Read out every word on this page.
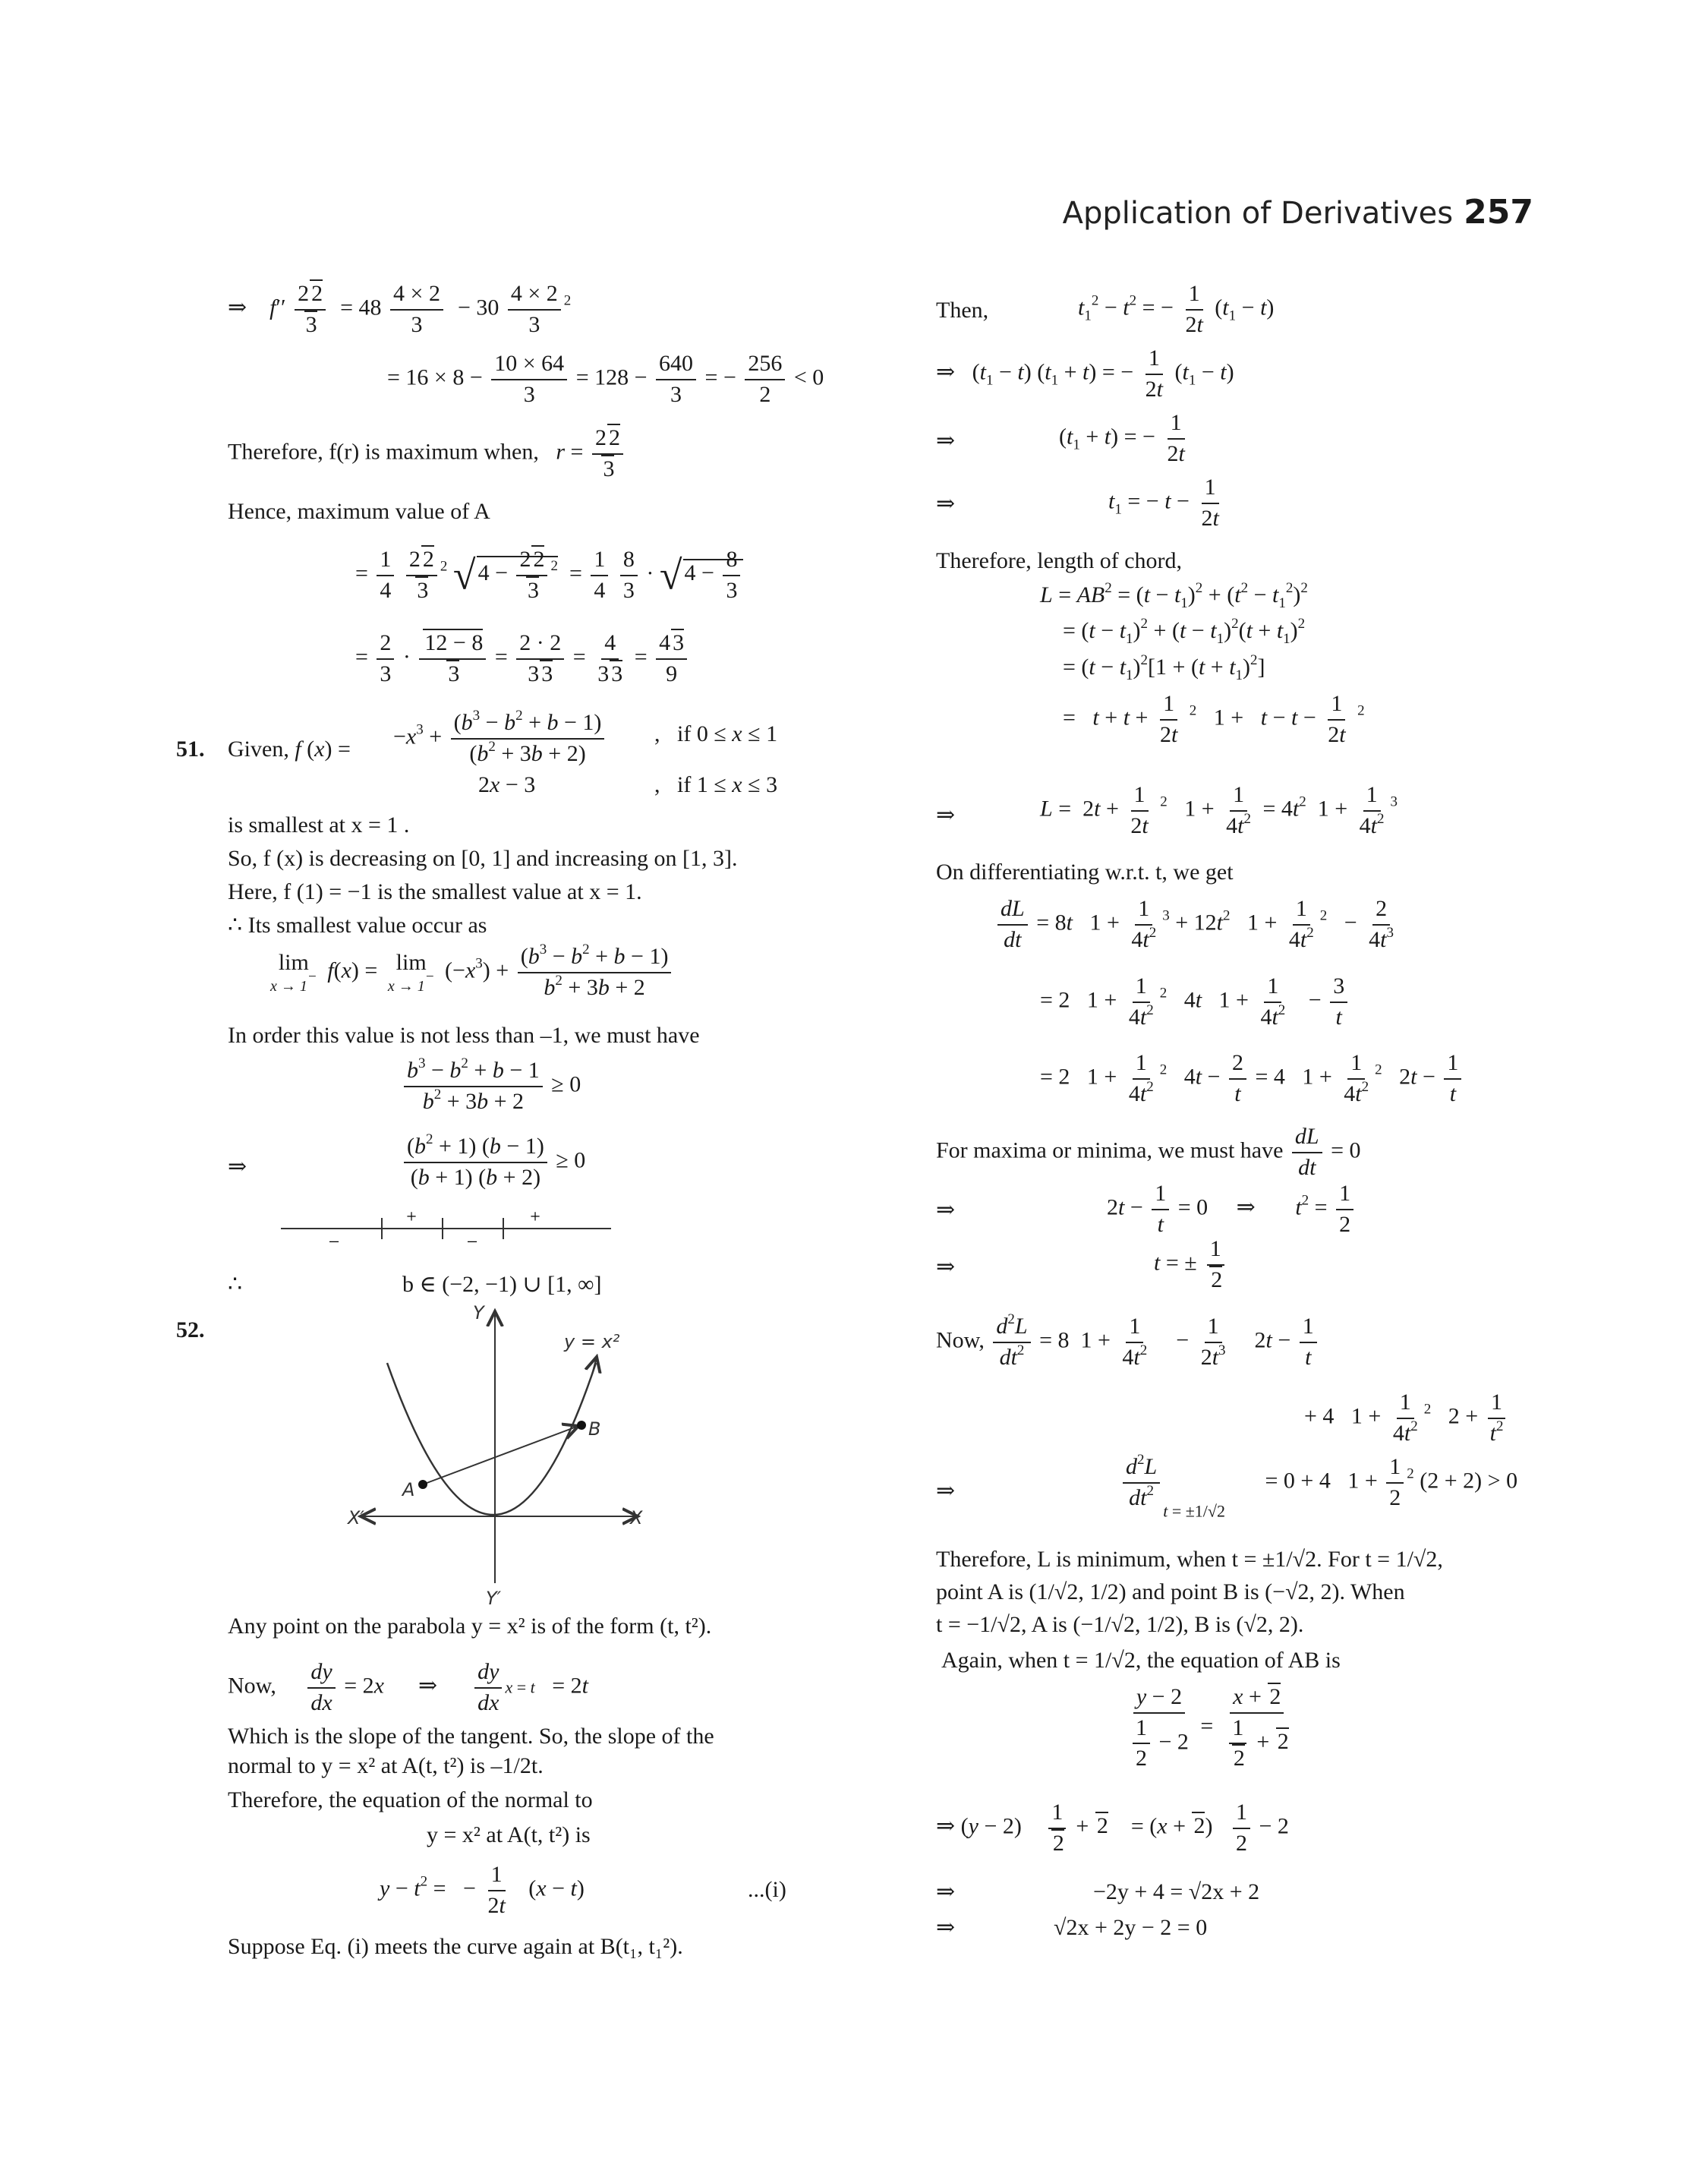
Application of Derivatives 257
⇒    $f'' \frac{2 2}{3} = 48 \frac{4 \times 2}{3} - 30 \frac{4 \times 2}{3} ^2$
= $16 \times 8 - \frac{10 \times 64}{3} = 128 - \frac{640}{3}$ = − $\frac{256}{2} < 0$
Therefore, f(r) is maximum when, $r = \frac{2 2}{3}$
Hence, maximum value of A
= $\frac{1}{4}$
$\frac{2 2}{3} ^2$ √ $4 - \frac{2 2}{3} ^2 = \frac{1}{4}$
$\frac{8}{3}$ · √ $4 - \frac{8}{3}$
= $\frac{2}{3} \cdot \frac{12 - 8}{3} = \frac{2 \cdot 2}{3 3} = \frac{4}{3 3} = \frac{4 3}{9}$
51. Given, f (x) =
$-x^3 + \frac{(b^3 - b^2 + b - 1)}{(b^2 + 3b + 2)}$ ,   if 0 ≤ x ≤ 1
2x − 3	,   if 1 ≤ x ≤ 3
is smallest at x = 1 .
So, f (x) is decreasing on [0, 1] and increasing on [1, 3].
Here, f (1) = −1 is the smallest value at x = 1.
∴ Its smallest value occur as
lim
x → 1− f(x) = lim
x → 1− $(-x^3) + \frac{(b^3 - b^2 + b - 1)}{b^2 + 3b + 2}$
In order this value is not less than –1, we must have
$\frac{b^3 - b^2 + b - 1}{b^2 + 3b + 2} \ge 0$
⇒	$\frac{(b^2 + 1) (b - 1)}{(b + 1) (b + 2)} \ge 0$
−
+
−
+
∴	b ∈ (−2, −1) ∪ [1, ∞]
52.
A
B
y = x²
X′	X
Y
Y′
Any point on the parabola y = x² is of the form (t, t²).
Now, $\frac{dy}{dx} = 2x$      ⇒ $\frac{dy}{dx}$ x = t   = 2t
Which is the slope of the tangent. So, the slope of the
normal to y = x² at A(t, t²) is –1/2t.
Therefore, the equation of the normal to
y = x² at A(t, t²) is
$y - t^2$ =   − $\frac{1}{2t} (x - t)$	...(i)
Suppose Eq. (i) meets the curve again at B(t₁, t₁²).
Then,	$t_1^2 - t^2$ = − $\frac{1}{2t} (t_1 - t)$
⇒   $(t_1 - t) (t_1 + t)$ = − $\frac{1}{2t} (t_1 - t)$
⇒	$(t_1 + t)$ = − $\frac{1}{2t}$
⇒	$t_1$ = − $t - \frac{1}{2t}$
Therefore, length of chord,
$L = AB^2 = (t - t_1)^2 + (t^2 - t_1^2)^2$
= $(t - t_1)^2 + (t - t_1)^2(t + t_1)^2$
= $(t - t_1)^2[1 + (t + t_1)^2]$
=   $t + t + \frac{1}{2t} ^2$   $1 + t - t - \frac{1}{2t} ^2$
⇒	$L = 2t + \frac{1}{2t} ^2$   $1 + \frac{1}{4t^2} = 4t^2$  $1 + \frac{1}{4t^2} ^3$
On differentiating w.r.t. t, we get
$\frac{dL}{dt} = 8t$   $1 + \frac{1}{4t^2} ^3 + 12t^2$   $1 + \frac{1}{4t^2} ^2 - \frac{2}{4t^3}$
= 2   $1 + \frac{1}{4t^2} ^2$   4t   $1 + \frac{1}{4t^2} - \frac{3}{t}$
= 2   $1 + \frac{1}{4t^2} ^2$   $4t - \frac{2}{t} = 4$   $1 + \frac{1}{4t^2} ^2$   $2t - \frac{1}{t}$
For maxima or minima, we must have $\frac{dL}{dt} = 0$
⇒	$2t - \frac{1}{t} = 0$     ⇒       $t^2 = \frac{1}{2}$
⇒	t = ± $\frac{1}{2}$
Now, $\frac{d^2L}{dt^2} = 8$  $1 + \frac{1}{4t^2} - \frac{1}{2t^3} 2t - \frac{1}{t}$
+ 4   $1 + \frac{1}{4t^2} ^2$   $2 + \frac{1}{t^2}$
⇒	$\frac{d^2L}{dt^2} _{t = \pm 1/√2}$       = 0 + 4   $1 + \frac{1}{2} ^2$ (2 + 2) > 0
Therefore, L is minimum, when t = ±1/√2. For t = 1/√2,
point A is (1/√2, 1/2) and point B is (−√2, 2). When
t = −1/√2, A is (−1/√2, 1/2), B is (√2, 2).
Again, when t = 1/√2, the equation of AB is
$\frac{y - 2}{\frac{1}{2} - 2} = \frac{x + 2}{\frac{1}{2} + 2}$
⇒ $(y - 2) \frac{1}{2} + 2$    = $(x + 2) \frac{1}{2} - 2$
⇒	−2y + 4 = √2x + 2
⇒	√2x + 2y − 2 = 0
